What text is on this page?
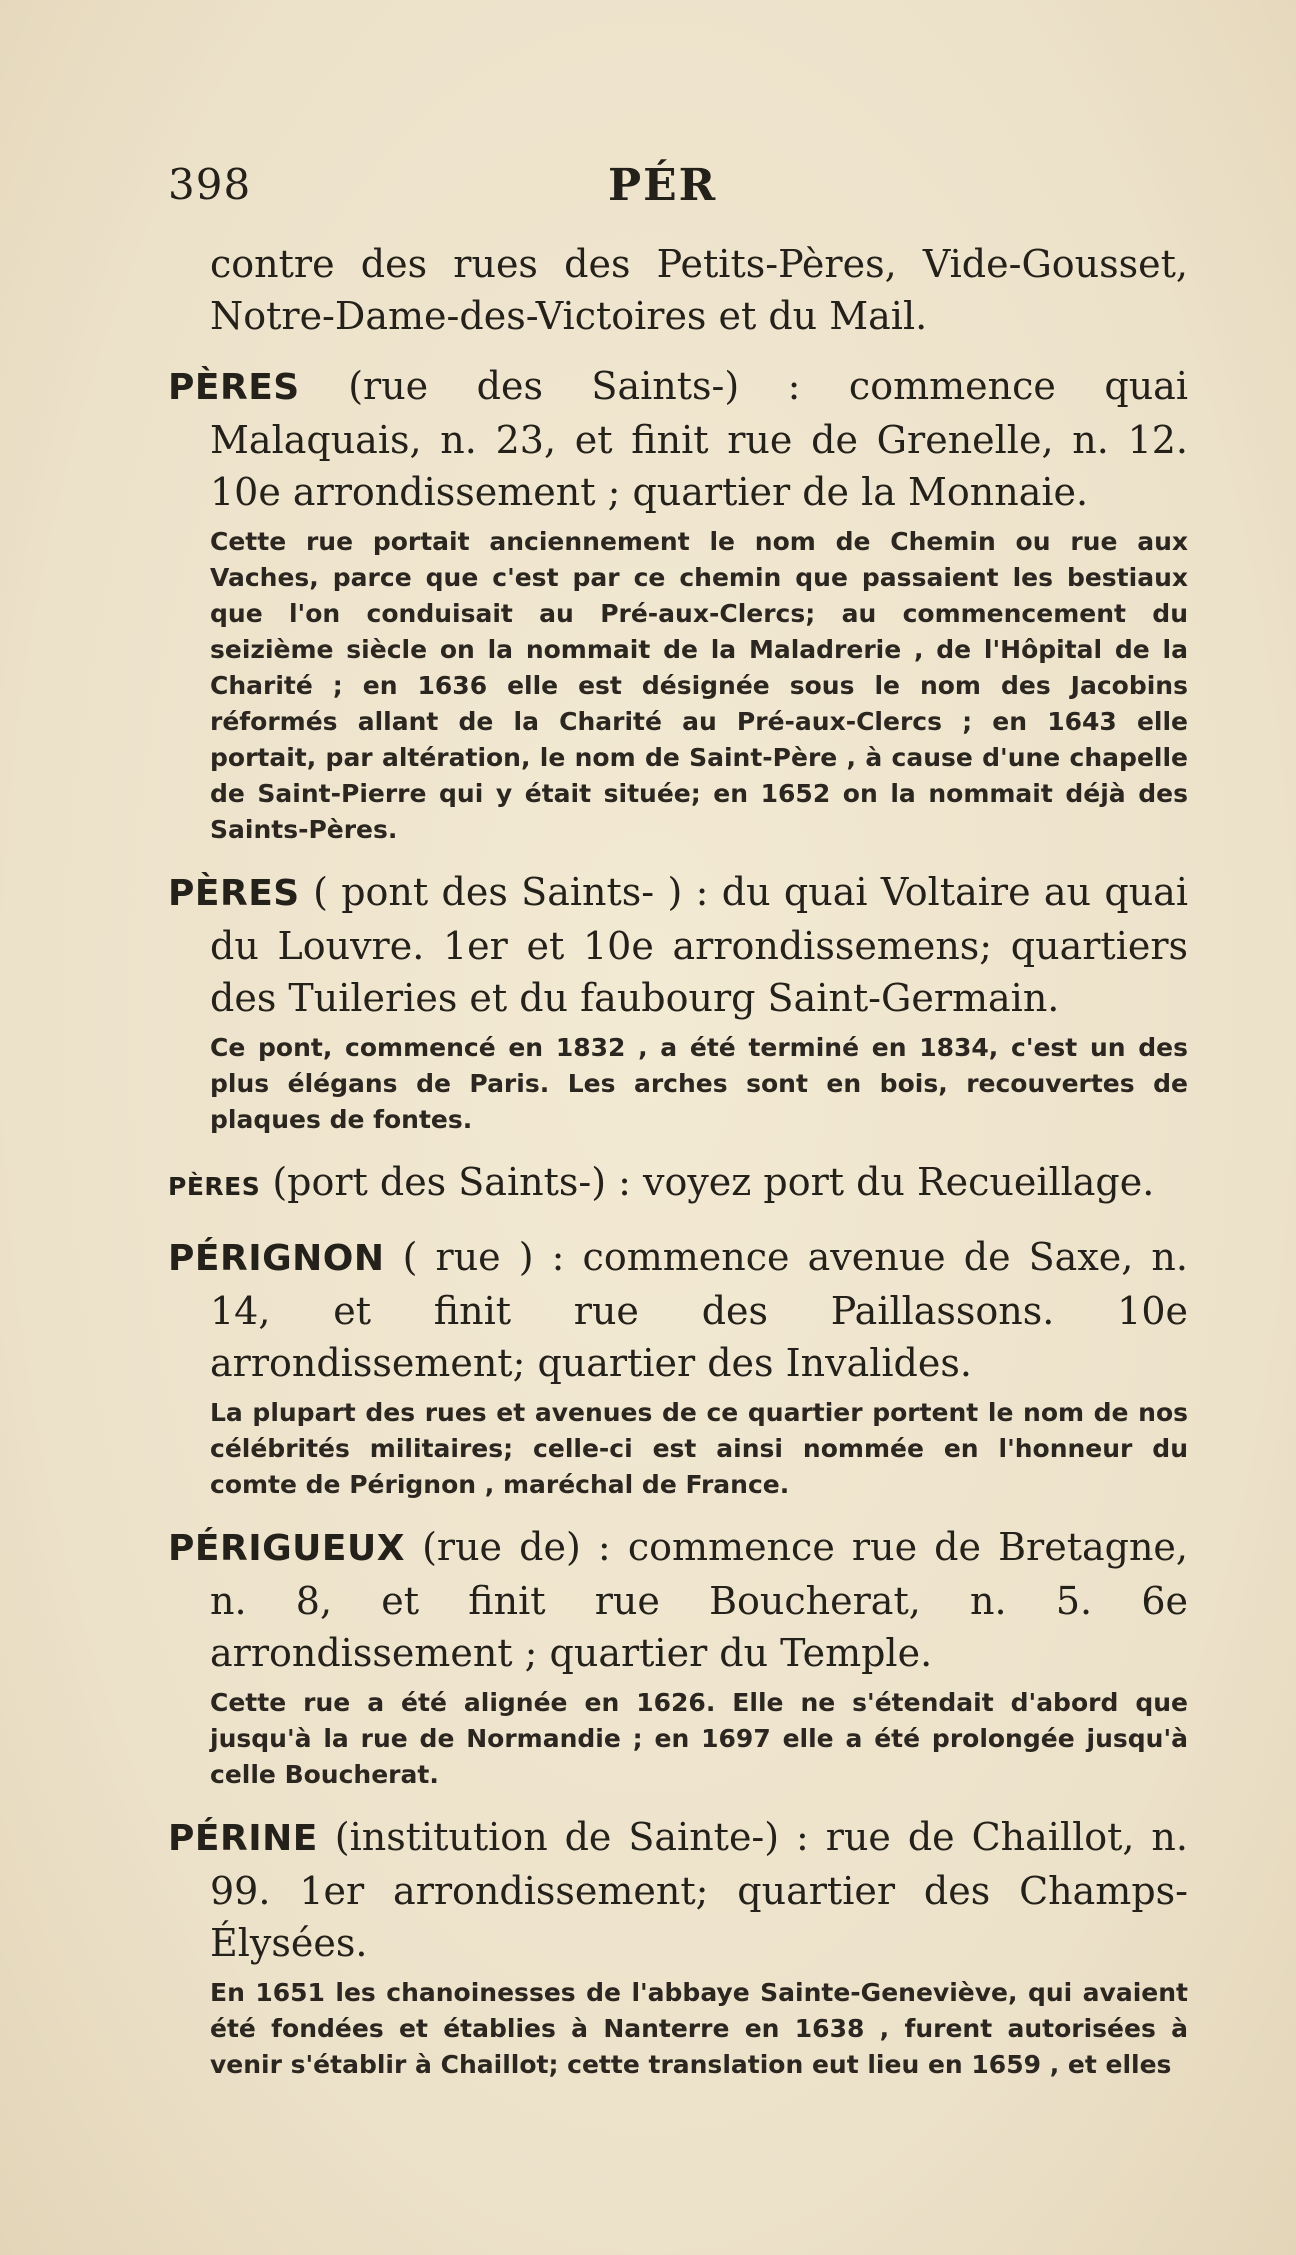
398	PÉR

contre des rues des Petits-Pères, Vide-Gousset, Notre-Dame-des-Victoires et du Mail.

PÈRES (rue des Saints-) : commence quai Malaquais, n. 23, et finit rue de Grenelle, n. 12. 10e arrondissement ; quartier de la Monnaie.

Cette rue portait anciennement le nom de Chemin ou rue aux Vaches, parce que c'est par ce chemin que passaient les bestiaux que l'on conduisait au Pré-aux-Clercs; au commencement du seizième siècle on la nommait de la Maladrerie , de l'Hôpital de la Charité ; en 1636 elle est désignée sous le nom des Jacobins réformés allant de la Charité au Pré-aux-Clercs ; en 1643 elle portait, par altération, le nom de Saint-Père , à cause d'une chapelle de Saint-Pierre qui y était située; en 1652 on la nommait déjà des Saints-Pères.

PÈRES ( pont des Saints- ) : du quai Voltaire au quai du Louvre. 1er et 10e arrondissemens; quartiers des Tuileries et du faubourg Saint-Germain.

Ce pont, commencé en 1832 , a été terminé en 1834, c'est un des plus élégans de Paris. Les arches sont en bois, recouvertes de plaques de fontes.

PÈRES (port des Saints-) : voyez port du Recueillage.

PÉRIGNON ( rue ) : commence avenue de Saxe, n. 14, et finit rue des Paillassons. 10e arrondissement; quartier des Invalides.

La plupart des rues et avenues de ce quartier portent le nom de nos célébrités militaires; celle-ci est ainsi nommée en l'honneur du comte de Pérignon , maréchal de France.

PÉRIGUEUX (rue de) : commence rue de Bretagne, n. 8, et finit rue Boucherat, n. 5. 6e arrondissement ; quartier du Temple.

Cette rue a été alignée en 1626. Elle ne s'étendait d'abord que jusqu'à la rue de Normandie ; en 1697 elle a été prolongée jusqu'à celle Boucherat.

PÉRINE (institution de Sainte-) : rue de Chaillot, n. 99. 1er arrondissement; quartier des Champs-Élysées.

En 1651 les chanoinesses de l'abbaye Sainte-Geneviève, qui avaient été fondées et établies à Nanterre en 1638 , furent autorisées à venir s'établir à Chaillot; cette translation eut lieu en 1659 , et elles
